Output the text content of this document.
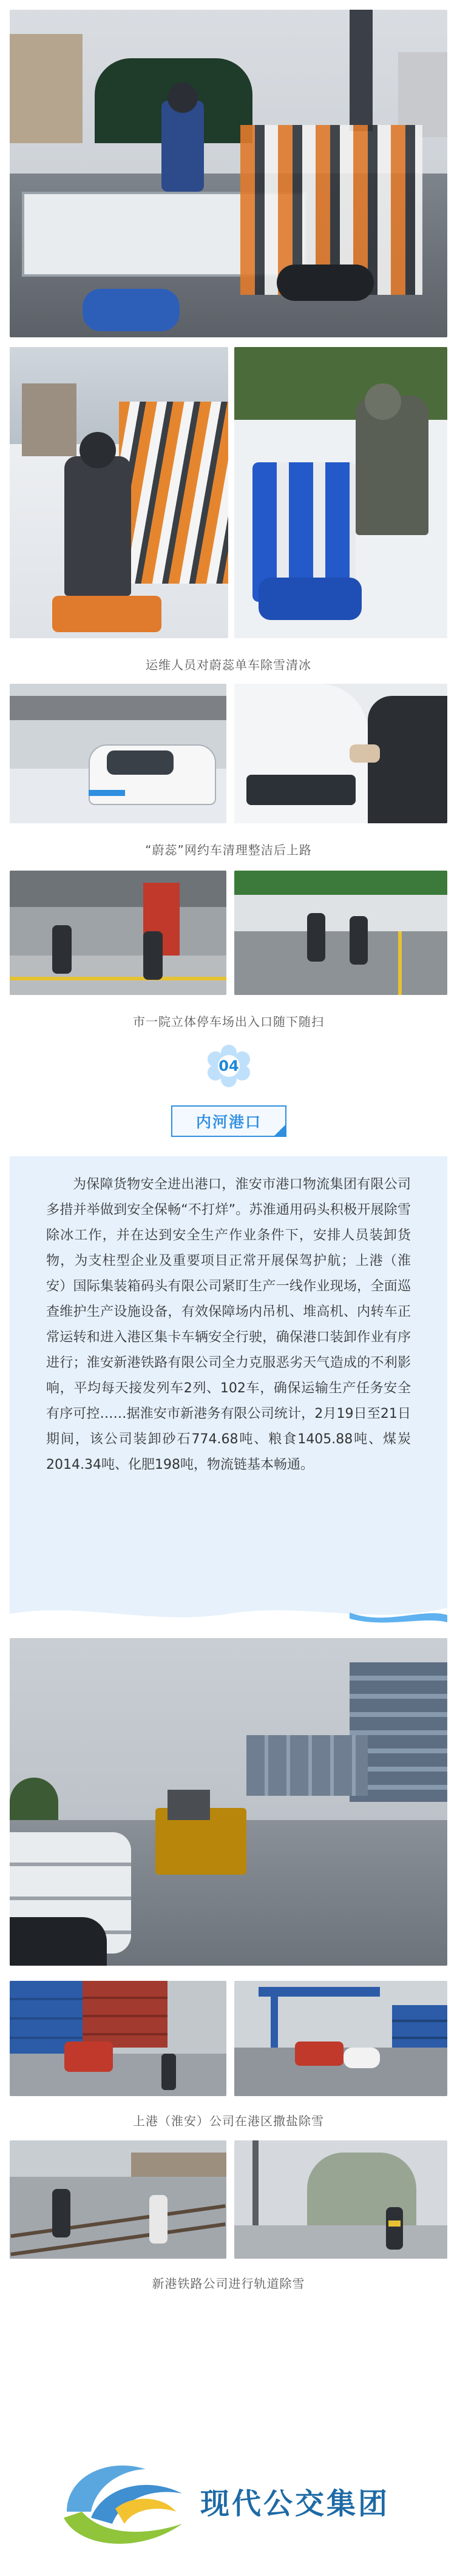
运维人员对蔚蕊单车除雪清冰
“蔚蕊”网约车清理整洁后上路
市一院立体停车场出入口随下随扫
04
内河港口

为保障货物安全进出港口，淮安市港口物流集团有限公司多措并举做到安全保畅“不打烊”。苏淮通用码头积极开展除雪除冰工作，并在达到安全生产作业条件下，安排人员装卸货物，为支柱型企业及重要项目正常开展保驾护航；上港（淮安）国际集装箱码头有限公司紧盯生产一线作业现场，全面巡查维护生产设施设备，有效保障场内吊机、堆高机、内转车正常运转和进入港区集卡车辆安全行驶，确保港口装卸作业有序进行；淮安新港铁路有限公司全力克服恶劣天气造成的不利影响，平均每天接发列车2列、102车，确保运输生产任务安全有序可控……据淮安市新港务有限公司统计，2月19日至21日期间，该公司装卸砂石774.68吨、粮食1405.88吨、煤炭2014.34吨、化肥198吨，物流链基本畅通。

上港（淮安）公司在港区撒盐除雪
新港铁路公司进行轨道除雪
现代公交集团
